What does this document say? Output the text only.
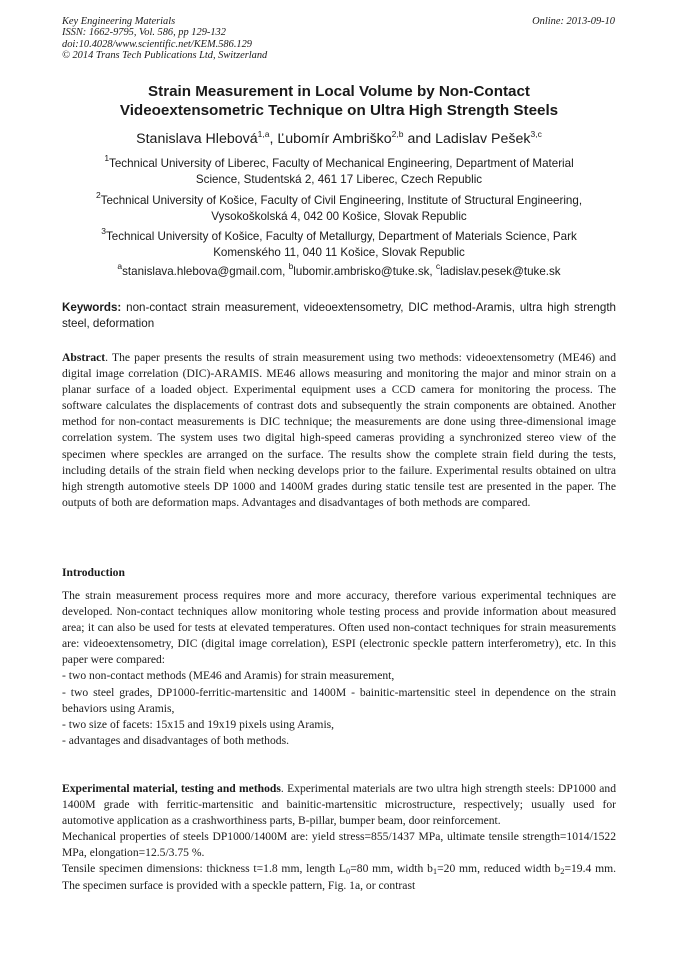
Key Engineering Materials
ISSN: 1662-9795, Vol. 586, pp 129-132
doi:10.4028/www.scientific.net/KEM.586.129
© 2014 Trans Tech Publications Ltd, Switzerland
Online: 2013-09-10
Strain Measurement in Local Volume by Non-Contact
Videoextensometric Technique on Ultra High Strength Steels
Stanislava Hlebová$^{1,a}$, Ľubomír Ambriško$^{2,b}$ and Ladislav Pešek$^{3,c}$
$^1$Technical University of Liberec, Faculty of Mechanical Engineering, Department of Material
Science, Studentská 2, 461 17 Liberec, Czech Republic
$^2$Technical University of Košice, Faculty of Civil Engineering, Institute of Structural Engineering,
Vysokoškolská 4, 042 00 Košice, Slovak Republic
$^3$Technical University of Košice, Faculty of Metallurgy, Department of Materials Science, Park
Komenského 11, 040 11 Košice, Slovak Republic
$^a$stanislava.hlebova@gmail.com, $^b$lubomir.ambrisko@tuke.sk, $^c$ladislav.pesek@tuke.sk
Keywords: non-contact strain measurement, videoextensometry, DIC method-Aramis, ultra high strength steel, deformation

Abstract. The paper presents the results of strain measurement using two methods: videoextensometry (ME46) and digital image correlation (DIC)-ARAMIS. ME46 allows measuring and monitoring the major and minor strain on a planar surface of a loaded object. Experimental equipment uses a CCD camera for monitoring the process. The software calculates the displacements of contrast dots and subsequently the strain components are obtained. Another method for non-contact measurements is DIC technique; the measurements are done using three-dimensional image correlation system. The system uses two digital high-speed cameras providing a synchronized stereo view of the specimen where speckles are arranged on the surface. The results show the complete strain field during the tests, including details of the strain field when necking develops prior to the failure. Experimental results obtained on ultra high strength automotive steels DP 1000 and 1400M grades during static tensile test are presented in the paper. The outputs of both are deformation maps. Advantages and disadvantages of both methods are compared.

Introduction

The strain measurement process requires more and more accuracy, therefore various experimental techniques are developed. Non-contact techniques allow monitoring whole testing process and provide information about measured area; it can also be used for tests at elevated temperatures. Often used non-contact techniques for strain measurements are: videoextensometry, DIC (digital image correlation), ESPI (electronic speckle pattern interferometry), etc. In this paper were compared:

- two non-contact methods (ME46 and Aramis) for strain measurement,

- two steel grades, DP1000-ferritic-martensitic and 1400M - bainitic-martensitic steel in dependence on the strain behaviors using Aramis,

- two size of facets: 15x15 and 19x19 pixels using Aramis,

- advantages and disadvantages of both methods.

Experimental material, testing and methods. Experimental materials are two ultra high strength steels: DP1000 and 1400M grade with ferritic-martensitic and bainitic-martensitic microstructure, respectively; usually used for automotive application as a crashworthiness parts, B-pillar, bumper beam, door reinforcement.

Mechanical properties of steels DP1000/1400M are: yield stress=855/1437 MPa, ultimate tensile strength=1014/1522 MPa, elongation=12.5/3.75 %.

Tensile specimen dimensions: thickness t=1.8 mm, length $L_0=80$ mm, width $b_1=20$ mm, reduced width $b_2=19.4$ mm. The specimen surface is provided with a speckle pattern, Fig. 1a, or contrast
